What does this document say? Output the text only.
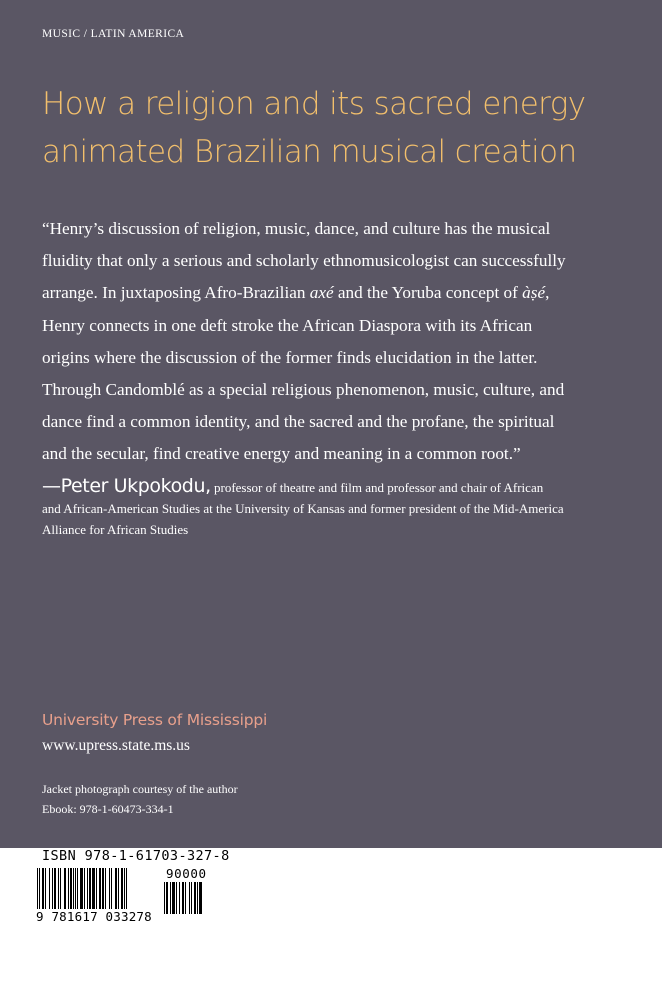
MUSIC / LATIN AMERICA
How a religion and its sacred energy
animated Brazilian musical creation
“Henry’s discussion of religion, music, dance, and culture has the musical
fluidity that only a serious and scholarly ethnomusicologist can successfully
arrange. In juxtaposing Afro-Brazilian axé and the Yoruba concept of àṣé,
Henry connects in one deft stroke the African Diaspora with its African
origins where the discussion of the former finds elucidation in the latter.
Through Candomblé as a special religious phenomenon, music, culture, and
dance find a common identity, and the sacred and the profane, the spiritual
and the secular, find creative energy and meaning in a common root.”
—Peter Ukpokodu, professor of theatre and film and professor and chair of African
and African-American Studies at the University of Kansas and former president of the Mid-America
Alliance for African Studies
University Press of Mississippi
www.upress.state.ms.us
Jacket photograph courtesy of the author
Ebook: 978-1-60473-334-1
ISBN 978-1-61703-327-8
90000
9 781617 033278
